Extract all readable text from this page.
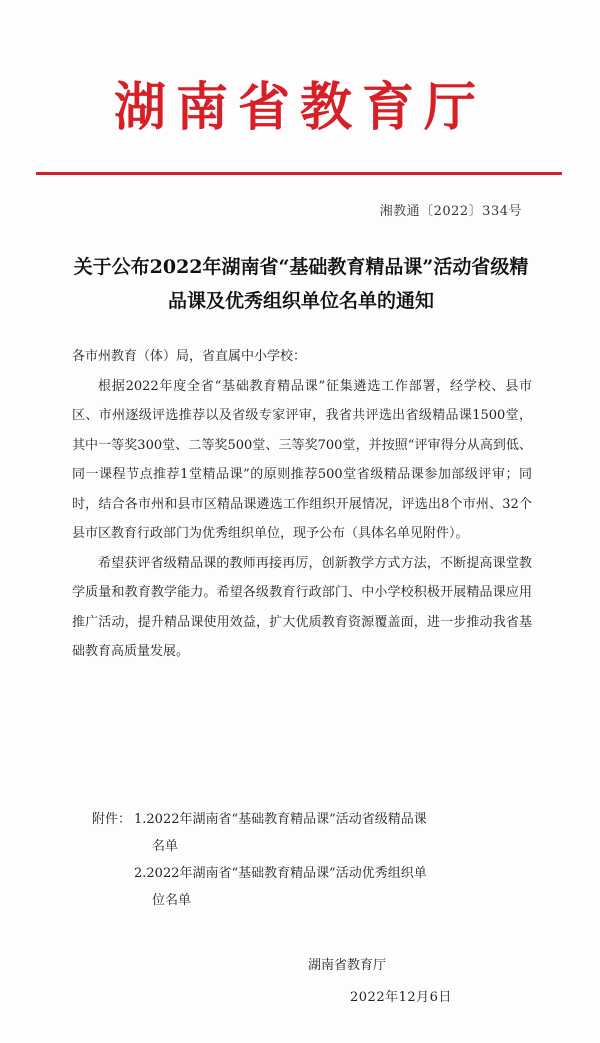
湖南省教育厅
湘教通〔2022〕334号
关于公布2022年湖南省“基础教育精品课”活动省级精品课及优秀组织单位名单的通知

各市州教育（体）局，省直属中小学校：

根据2022年度全省“基础教育精品课”征集遴选工作部署，经学校、县市区、市州逐级评选推荐以及省级专家评审，我省共评选出省级精品课1500堂，其中一等奖300堂、二等奖500堂、三等奖700堂，并按照“评审得分从高到低、同一课程节点推荐1堂精品课”的原则推荐500堂省级精品课参加部级评审；同时，结合各市州和县市区精品课遴选工作组织开展情况，评选出8个市州、32个县市区教育行政部门为优秀组织单位，现予公布（具体名单见附件）。

希望获评省级精品课的教师再接再厉，创新教学方式方法，不断提高课堂教学质量和教育教学能力。希望各级教育行政部门、中小学校积极开展精品课应用推广活动，提升精品课使用效益，扩大优质教育资源覆盖面，进一步推动我省基础教育高质量发展。

附件： 1.2022年湖南省“基础教育精品课”活动省级精品课
名单
2.2022年湖南省“基础教育精品课”活动优秀组织单
位名单
湖南省教育厅
2022年12月6日
